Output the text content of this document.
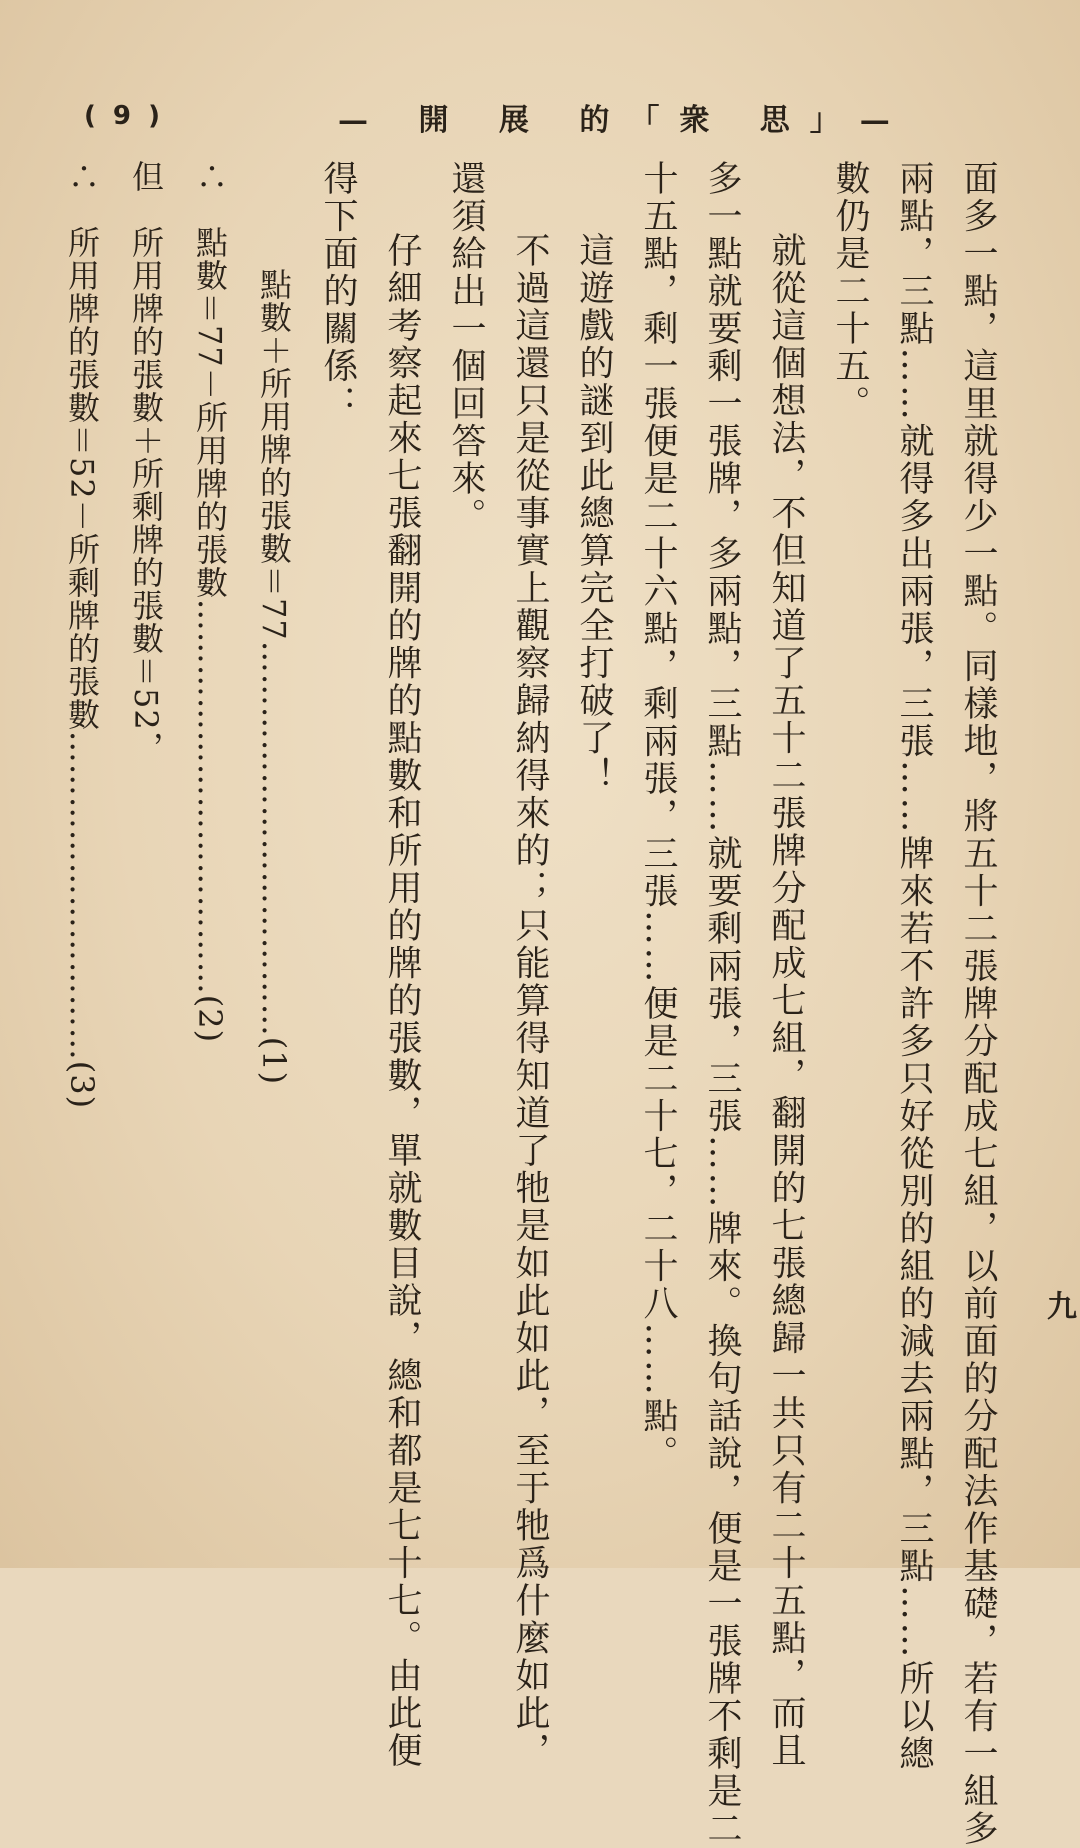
( 9 )	— 開 展 的「衆 思」—
面多一點，這里就得少一點。同樣地，將五十二張牌分配成七組，以前面的分配法作基礎，若有一組多
兩點，三點……就得多出兩張，三張……牌來若不許多只好從別的組的減去兩點，三點……所以總
數仍是二十五。
就從這個想法，不但知道了五十二張牌分配成七組，翻開的七張總歸一共只有二十五點，而且
多一點就要剩一張牌，多兩點，三點……就要剩兩張，三張……牌來。換句話說，便是一張牌不剩是二
十五點，剩一張便是二十六點，剩兩張，三張……便是二十七，二十八……點。
這遊戲的謎到此總算完全打破了！
不過這還只是從事實上觀察歸納得來的；只能算得知道了牠是如此如此，至于牠爲什麼如此，
還須給出一個回答來。
仔細考察起來七張翻開的牌的點數和所用的牌的張數，單就數目說，總和都是七十七。由此便
得下面的關係：
點數＋所用牌的張數＝77………………………………(1)
∴　點數＝77－所用牌的張數………………………………(2)
但　所用牌的張數＋所剩牌的張數＝52，
∴　所用牌的張數＝52－所剩牌的張數…………………………(3)
九
